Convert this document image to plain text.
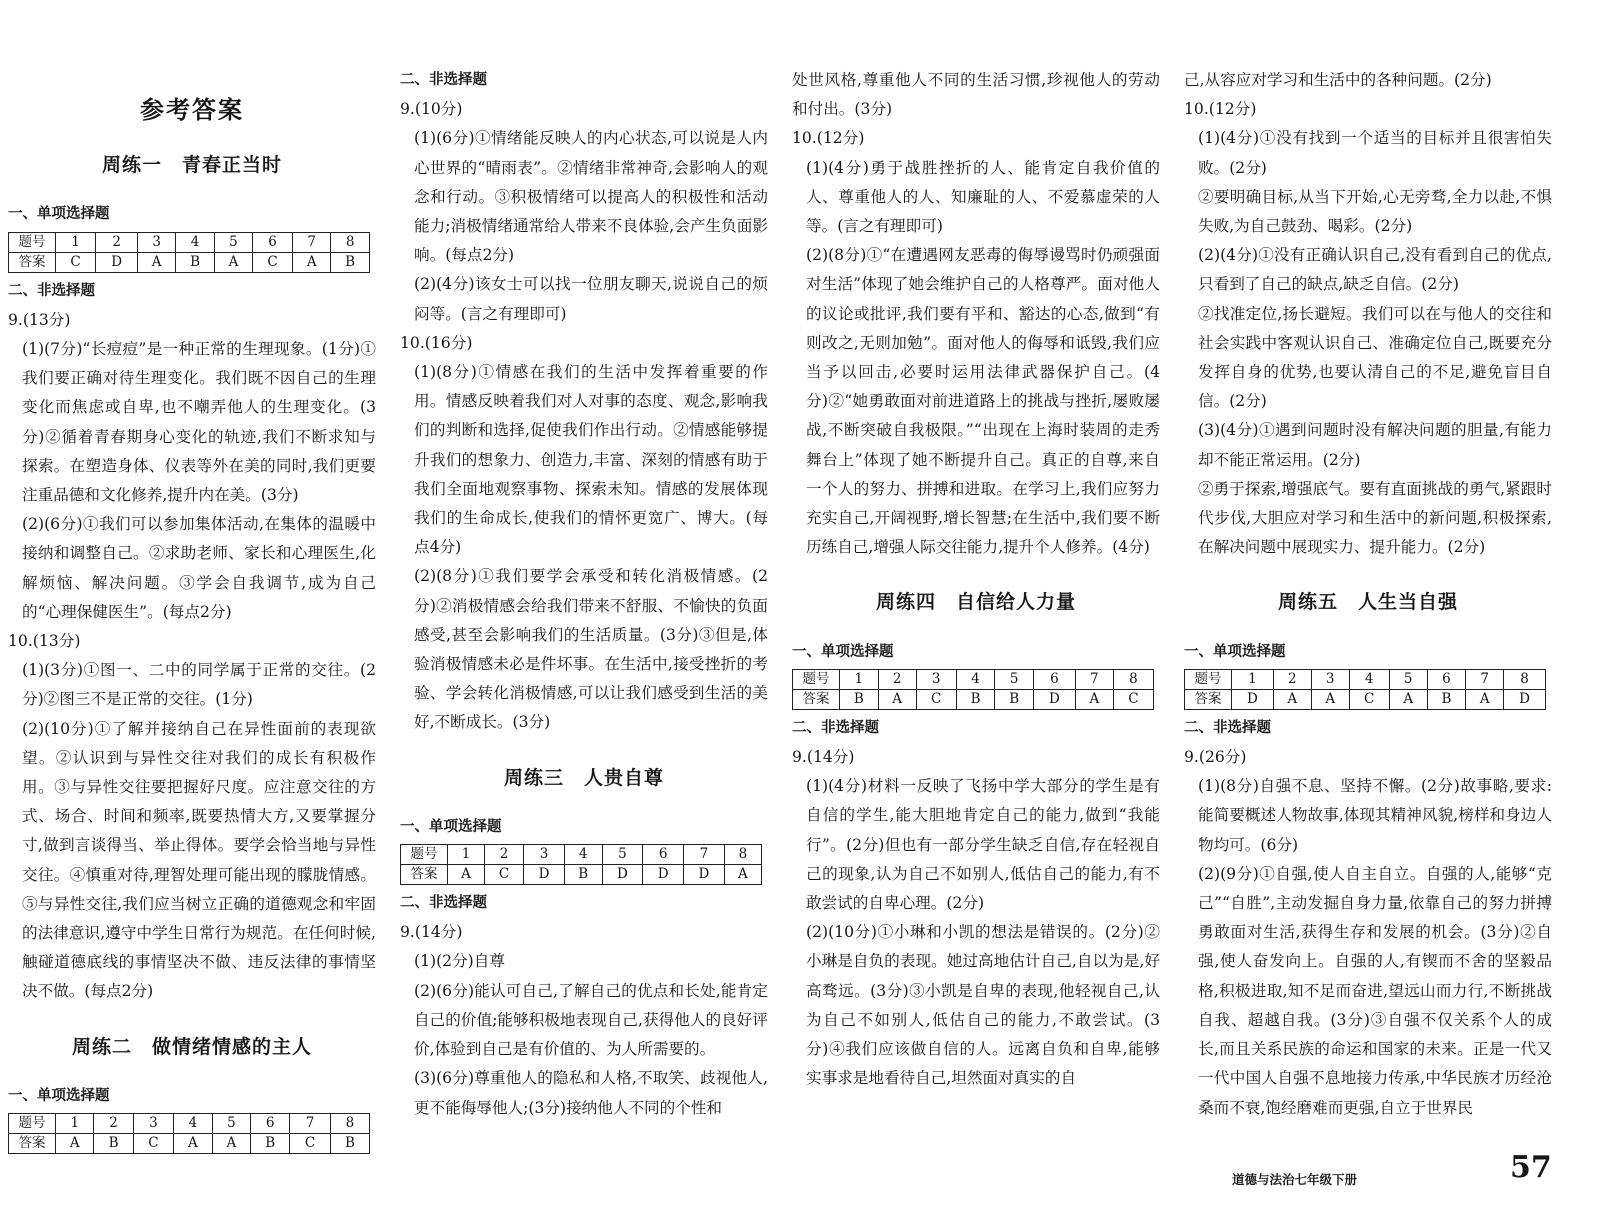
参考答案
周练一　青春正当时
一、单项选择题
题号	1	2	3	4	5	6	7	8
答案	C	D	A	B	A	C	A	B
二、非选择题

9.(13分)

(1)(7分)“长痘痘”是一种正常的生理现象。(1分)①我们要正确对待生理变化。我们既不因自己的生理变化而焦虑或自卑,也不嘲弄他人的生理变化。(3分)②循着青春期身心变化的轨迹,我们不断求知与探索。在塑造身体、仪表等外在美的同时,我们更要注重品德和文化修养,提升内在美。(3分)

(2)(6分)①我们可以参加集体活动,在集体的温暖中接纳和调整自己。②求助老师、家长和心理医生,化解烦恼、解决问题。③学会自我调节,成为自己的“心理保健医生”。(每点2分)

10.(13分)

(1)(3分)①图一、二中的同学属于正常的交往。(2分)②图三不是正常的交往。(1分)

(2)(10分)①了解并接纳自己在异性面前的表现欲望。②认识到与异性交往对我们的成长有积极作用。③与异性交往要把握好尺度。应注意交往的方式、场合、时间和频率,既要热情大方,又要掌握分寸,做到言谈得当、举止得体。要学会恰当地与异性交往。④慎重对待,理智处理可能出现的朦胧情感。⑤与异性交往,我们应当树立正确的道德观念和牢固的法律意识,遵守中学生日常行为规范。在任何时候,触碰道德底线的事情坚决不做、违反法律的事情坚决不做。(每点2分)

周练二　做情绪情感的主人
一、单项选择题
题号	1	2	3	4	5	6	7	8
答案	A	B	C	A	A	B	C	B
二、非选择题

9.(10分)

(1)(6分)①情绪能反映人的内心状态,可以说是人内心世界的“晴雨表”。②情绪非常神奇,会影响人的观念和行动。③积极情绪可以提高人的积极性和活动能力;消极情绪通常给人带来不良体验,会产生负面影响。(每点2分)

(2)(4分)该女士可以找一位朋友聊天,说说自己的烦闷等。(言之有理即可)

10.(16分)

(1)(8分)①情感在我们的生活中发挥着重要的作用。情感反映着我们对人对事的态度、观念,影响我们的判断和选择,促使我们作出行动。②情感能够提升我们的想象力、创造力,丰富、深刻的情感有助于我们全面地观察事物、探索未知。情感的发展体现我们的生命成长,使我们的情怀更宽广、博大。(每点4分)

(2)(8分)①我们要学会承受和转化消极情感。(2分)②消极情感会给我们带来不舒服、不愉快的负面感受,甚至会影响我们的生活质量。(3分)③但是,体验消极情感未必是件坏事。在生活中,接受挫折的考验、学会转化消极情感,可以让我们感受到生活的美好,不断成长。(3分)

周练三　人贵自尊
一、单项选择题
题号	1	2	3	4	5	6	7	8
答案	A	C	D	B	D	D	D	A
二、非选择题

9.(14分)

(1)(2分)自尊

(2)(6分)能认可自己,了解自己的优点和长处,能肯定自己的价值;能够积极地表现自己,获得他人的良好评价,体验到自己是有价值的、为人所需要的。

(3)(6分)尊重他人的隐私和人格,不取笑、歧视他人,更不能侮辱他人;(3分)接纳他人不同的个性和

处世风格,尊重他人不同的生活习惯,珍视他人的劳动和付出。(3分)

10.(12分)

(1)(4分)勇于战胜挫折的人、能肯定自我价值的人、尊重他人的人、知廉耻的人、不爱慕虚荣的人等。(言之有理即可)

(2)(8分)①“在遭遇网友恶毒的侮辱谩骂时仍顽强面对生活”体现了她会维护自己的人格尊严。面对他人的议论或批评,我们要有平和、豁达的心态,做到“有则改之,无则加勉”。面对他人的侮辱和诋毁,我们应当予以回击,必要时运用法律武器保护自己。(4分)②“她勇敢面对前进道路上的挑战与挫折,屡败屡战,不断突破自我极限。”“出现在上海时装周的走秀舞台上”体现了她不断提升自己。真正的自尊,来自一个人的努力、拼搏和进取。在学习上,我们应努力充实自己,开阔视野,增长智慧;在生活中,我们要不断历练自己,增强人际交往能力,提升个人修养。(4分)

周练四　自信给人力量
一、单项选择题
题号	1	2	3	4	5	6	7	8
答案	B	A	C	B	B	D	A	C
二、非选择题

9.(14分)

(1)(4分)材料一反映了飞扬中学大部分的学生是有自信的学生,能大胆地肯定自己的能力,做到“我能行”。(2分)但也有一部分学生缺乏自信,存在轻视自己的现象,认为自己不如别人,低估自己的能力,有不敢尝试的自卑心理。(2分)

(2)(10分)①小琳和小凯的想法是错误的。(2分)②小琳是自负的表现。她过高地估计自己,自以为是,好高骛远。(3分)③小凯是自卑的表现,他轻视自己,认为自己不如别人,低估自己的能力,不敢尝试。(3分)④我们应该做自信的人。远离自负和自卑,能够实事求是地看待自己,坦然面对真实的自

己,从容应对学习和生活中的各种问题。(2分)

10.(12分)

(1)(4分)①没有找到一个适当的目标并且很害怕失败。(2分)

②要明确目标,从当下开始,心无旁骛,全力以赴,不惧失败,为自己鼓劲、喝彩。(2分)

(2)(4分)①没有正确认识自己,没有看到自己的优点,只看到了自己的缺点,缺乏自信。(2分)

②找准定位,扬长避短。我们可以在与他人的交往和社会实践中客观认识自己、准确定位自己,既要充分发挥自身的优势,也要认清自己的不足,避免盲目自信。(2分)

(3)(4分)①遇到问题时没有解决问题的胆量,有能力却不能正常运用。(2分)

②勇于探索,增强底气。要有直面挑战的勇气,紧跟时代步伐,大胆应对学习和生活中的新问题,积极探索,在解决问题中展现实力、提升能力。(2分)

周练五　人生当自强
一、单项选择题
题号	1	2	3	4	5	6	7	8
答案	D	A	A	C	A	B	A	D
二、非选择题

9.(26分)

(1)(8分)自强不息、坚持不懈。(2分)故事略,要求:能简要概述人物故事,体现其精神风貌,榜样和身边人物均可。(6分)

(2)(9分)①自强,使人自主自立。自强的人,能够“克己”“自胜”,主动发掘自身力量,依靠自己的努力拼搏勇敢面对生活,获得生存和发展的机会。(3分)②自强,使人奋发向上。自强的人,有锲而不舍的坚毅品格,积极进取,知不足而奋进,望远山而力行,不断挑战自我、超越自我。(3分)③自强不仅关系个人的成长,而且关系民族的命运和国家的未来。正是一代又一代中国人自强不息地接力传承,中华民族才历经沧桑而不衰,饱经磨难而更强,自立于世界民

道德与法治七年级下册	57
